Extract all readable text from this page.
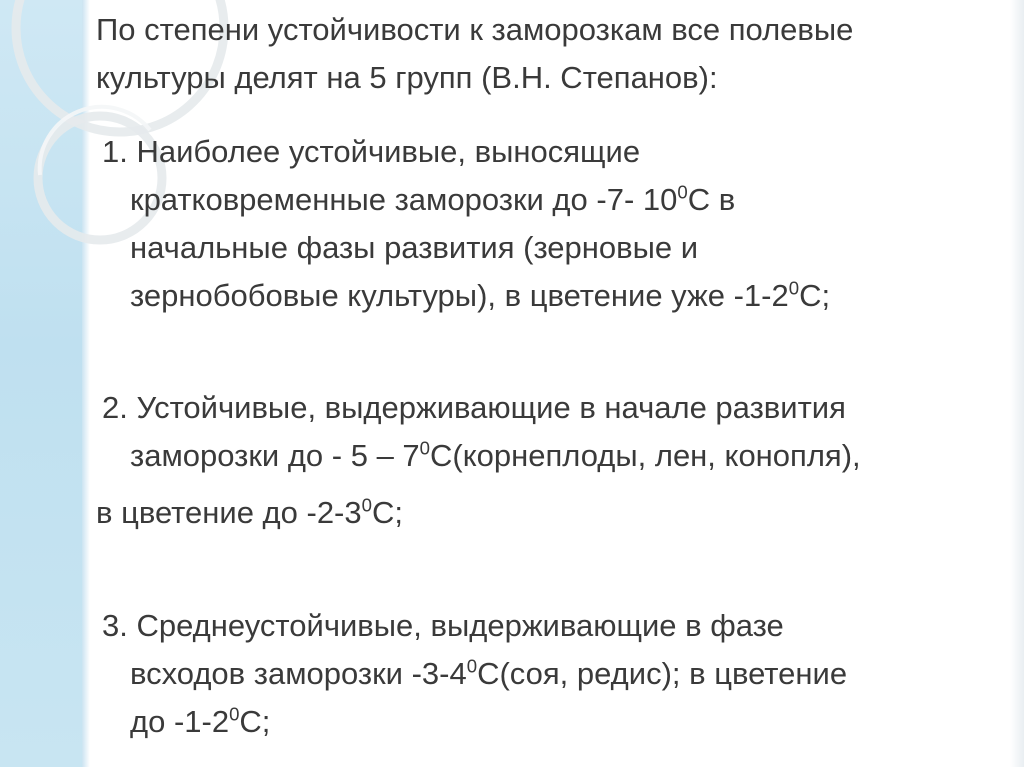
По степени устойчивости к заморозкам все полевые
культуры делят на 5 групп (В.Н. Степанов):
1. Наиболее устойчивые, выносящие
кратковременные заморозки до -7- $10^0С$ в
начальные фазы развития (зерновые и
зернобобовые культуры), в цветение уже $-1-2^0С$;
2. Устойчивые, выдерживающие в начале развития
заморозки до - $5 - 7^0С(корнеплоды$, лен, конопля),
в цветение до $-2-3^0С$;
3. Среднеустойчивые, выдерживающие в фазе
всходов заморозки $-3-4^0С(соя$, редис); в цветение
до $-1-2^0С$;
